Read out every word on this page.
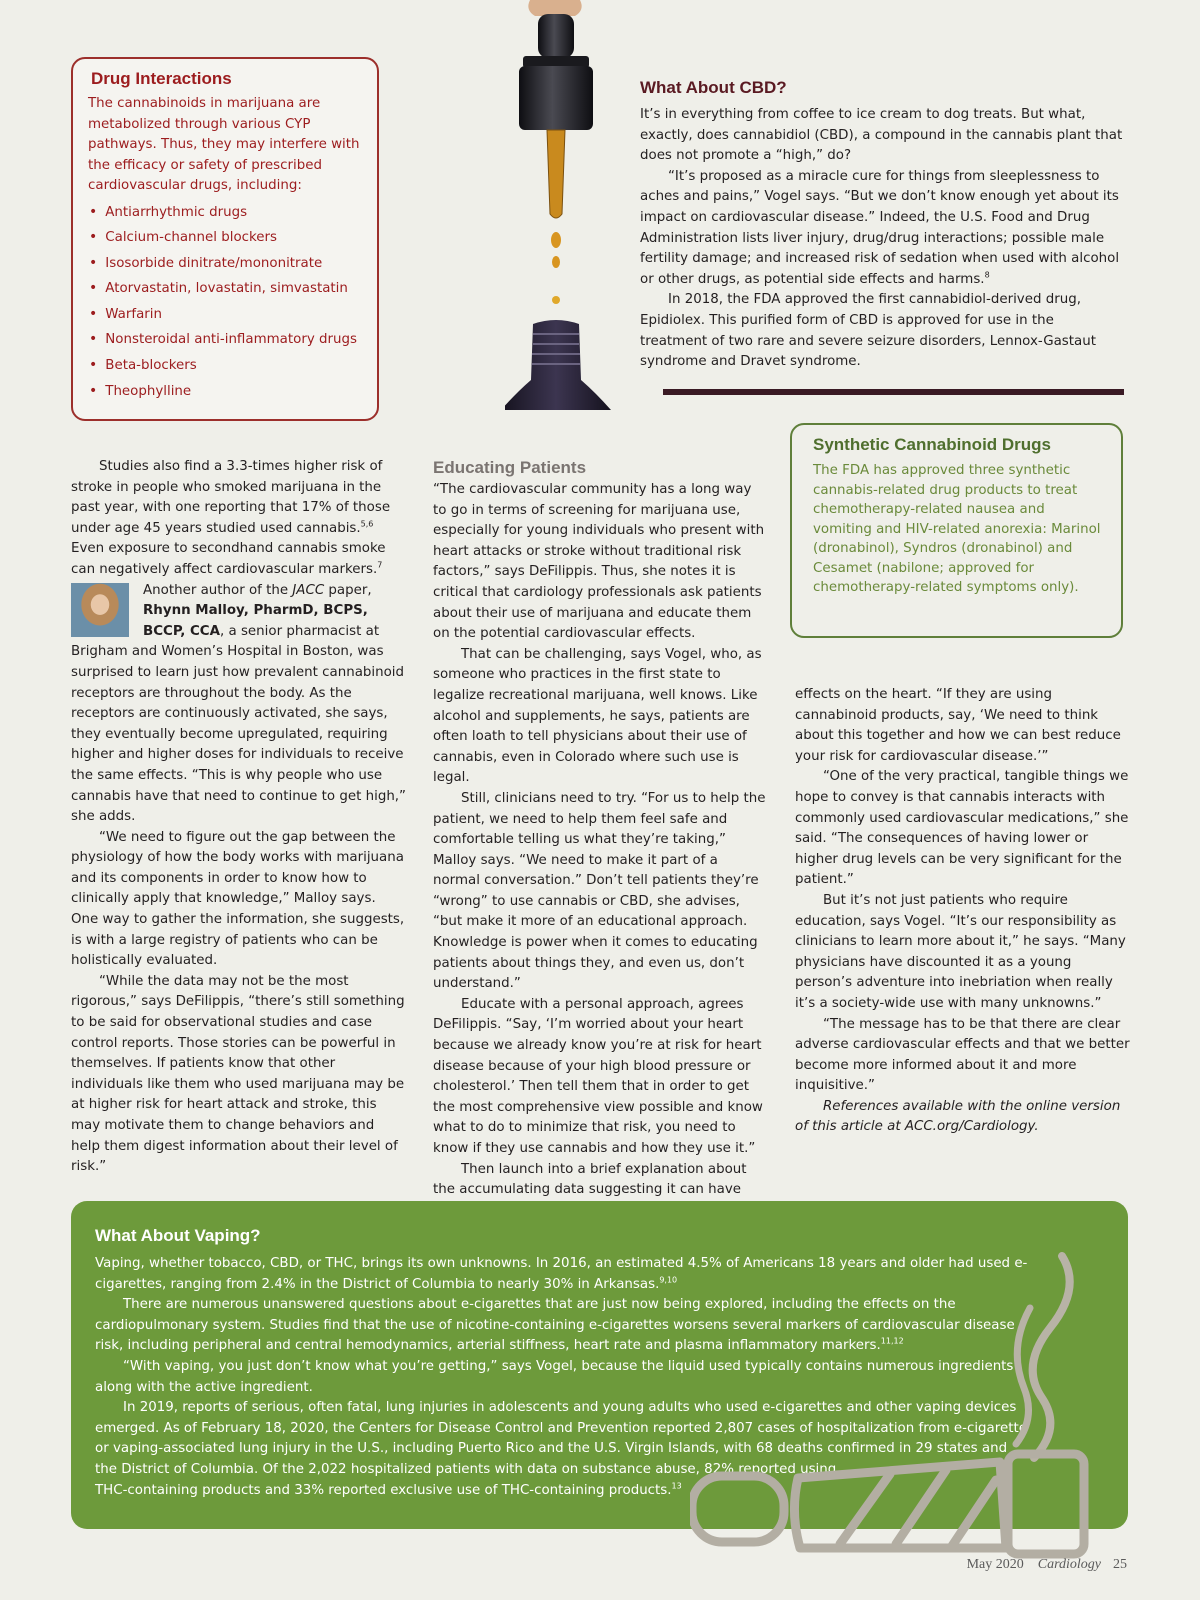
Drug Interactions

The cannabinoids in marijuana are metabolized through various CYP pathways. Thus, they may interfere with the efficacy or safety of prescribed cardiovascular drugs, including:

• Antiarrhythmic drugs
• Calcium-channel blockers
• Isosorbide dinitrate/mononitrate
• Atorvastatin, lovastatin, simvastatin
• Warfarin
• Nonsteroidal anti-inflammatory drugs
• Beta-blockers
• Theophylline
What About CBD?

It’s in everything from coffee to ice cream to dog treats. But what, exactly, does cannabidiol (CBD), a compound in the cannabis plant that does not promote a “high,” do?

“It’s proposed as a miracle cure for things from sleeplessness to aches and pains,” Vogel says. “But we don’t know enough yet about its impact on cardiovascular disease.” Indeed, the U.S. Food and Drug Administration lists liver injury, drug/drug interactions; possible male fertility damage; and increased risk of sedation when used with alcohol or other drugs, as potential side effects and harms.$^8$

In 2018, the FDA approved the first cannabidiol-derived drug, Epidiolex. This purified form of CBD is approved for use in the treatment of two rare and severe seizure disorders, Lennox-Gastaut syndrome and Dravet syndrome.

Synthetic Cannabinoid Drugs

The FDA has approved three synthetic cannabis-related drug products to treat chemotherapy-related nausea and vomiting and HIV-related anorexia: Marinol (dronabinol), Syndros (dronabinol) and Cesamet (nabilone; approved for chemotherapy-related symptoms only).

Studies also find a 3.3-times higher risk of stroke in people who smoked marijuana in the past year, with one reporting that 17% of those under age 45 years studied used cannabis.$^{5,6}$ Even exposure to secondhand cannabis smoke can negatively affect cardiovascular markers.$^7$

Another author of the JACC paper, Rhynn Malloy, PharmD, BCPS, BCCP, CCA, a senior pharmacist at Brigham and Women’s Hospital in Boston, was surprised to learn just how prevalent cannabinoid receptors are throughout the body. As the receptors are continuously activated, she says, they eventually become upregulated, requiring higher and higher doses for individuals to receive the same effects. “This is why people who use cannabis have that need to continue to get high,” she adds.

“We need to figure out the gap between the physiology of how the body works with marijuana and its components in order to know how to clinically apply that knowledge,” Malloy says. One way to gather the information, she suggests, is with a large registry of patients who can be holistically evaluated.

“While the data may not be the most rigorous,” says DeFilippis, “there’s still something to be said for observational studies and case control reports. Those stories can be powerful in themselves. If patients know that other individuals like them who used marijuana may be at higher risk for heart attack and stroke, this may motivate them to change behaviors and help them digest information about their level of risk.”

Educating Patients

“The cardiovascular community has a long way to go in terms of screening for marijuana use, especially for young individuals who present with heart attacks or stroke without traditional risk factors,” says DeFilippis. Thus, she notes it is critical that cardiology professionals ask patients about their use of marijuana and educate them on the potential cardiovascular effects.

That can be challenging, says Vogel, who, as someone who practices in the first state to legalize recreational marijuana, well knows. Like alcohol and supplements, he says, patients are often loath to tell physicians about their use of cannabis, even in Colorado where such use is legal.

Still, clinicians need to try. “For us to help the patient, we need to help them feel safe and comfortable telling us what they’re taking,” Malloy says. “We need to make it part of a normal conversation.” Don’t tell patients they’re “wrong” to use cannabis or CBD, she advises, “but make it more of an educational approach. Knowledge is power when it comes to educating patients about things they, and even us, don’t understand.”

Educate with a personal approach, agrees DeFilippis. “Say, ‘I’m worried about your heart because we already know you’re at risk for heart disease because of your high blood pressure or cholesterol.’ Then tell them that in order to get the most comprehensive view possible and know what to do to minimize that risk, you need to know if they use cannabis and how they use it.”

Then launch into a brief explanation about the accumulating data suggesting it can have

effects on the heart. “If they are using cannabinoid products, say, ‘We need to think about this together and how we can best reduce your risk for cardiovascular disease.’”

“One of the very practical, tangible things we hope to convey is that cannabis interacts with commonly used cardiovascular medications,” she said. “The consequences of having lower or higher drug levels can be very significant for the patient.”

But it’s not just patients who require education, says Vogel. “It’s our responsibility as clinicians to learn more about it,” he says. “Many physicians have discounted it as a young person’s adventure into inebriation when really it’s a society-wide use with many unknowns.”

“The message has to be that there are clear adverse cardiovascular effects and that we better become more informed about it and more inquisitive.”

References available with the online version of this article at ACC.org/Cardiology.

What About Vaping?

Vaping, whether tobacco, CBD, or THC, brings its own unknowns. In 2016, an estimated 4.5% of Americans 18 years and older had used e-cigarettes, ranging from 2.4% in the District of Columbia to nearly 30% in Arkansas.$^{9,10}$

There are numerous unanswered questions about e-cigarettes that are just now being explored, including the effects on the cardiopulmonary system. Studies find that the use of nicotine-containing e-cigarettes worsens several markers of cardiovascular disease risk, including peripheral and central hemodynamics, arterial stiffness, heart rate and plasma inflammatory markers.$^{11,12}$

“With vaping, you just don’t know what you’re getting,” says Vogel, because the liquid used typically contains numerous ingredients along with the active ingredient.

In 2019, reports of serious, often fatal, lung injuries in adolescents and young adults who used e-cigarettes and other vaping devices emerged. As of February 18, 2020, the Centers for Disease Control and Prevention reported 2,807 cases of hospitalization from e-cigarette or vaping-associated lung injury in the U.S., including Puerto Rico and the U.S. Virgin Islands, with 68 deaths confirmed in 29 states and the District of Columbia. Of the 2,022 hospitalized patients with data on substance abuse, 82% reported using

THC-containing products and 33% reported exclusive use of THC-containing products.$^{13}$

May 2020 Cardiology 25
